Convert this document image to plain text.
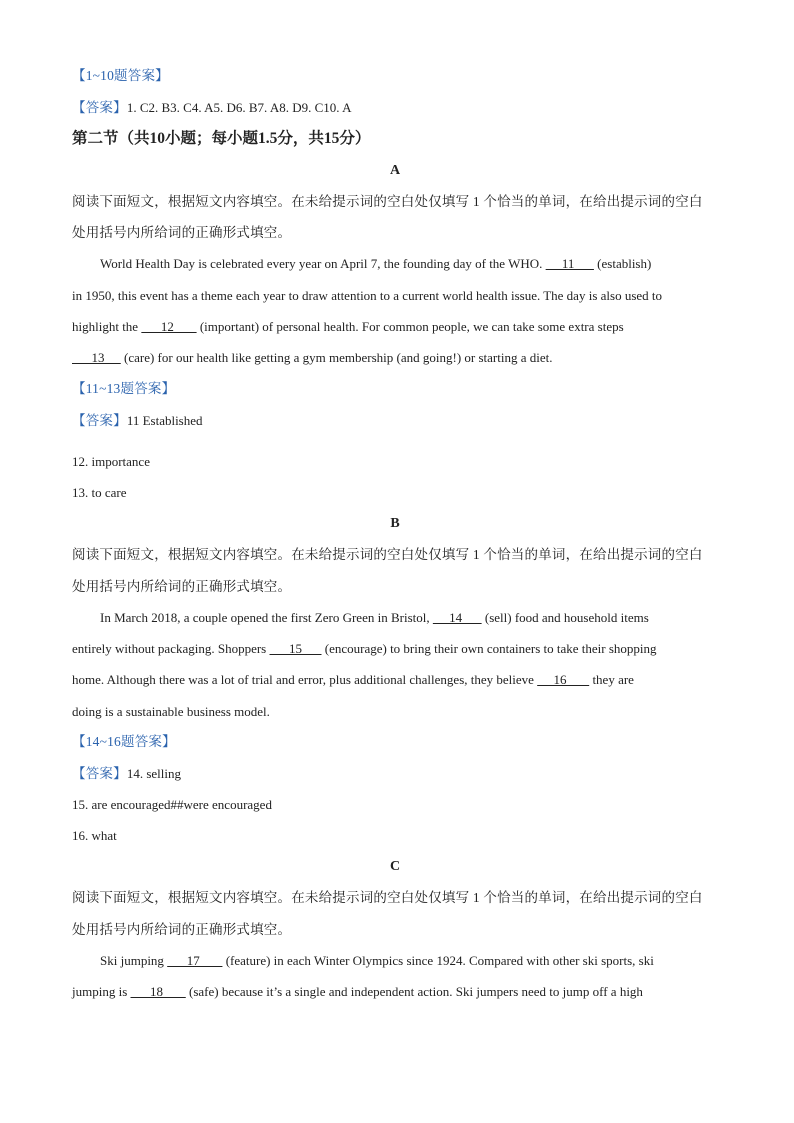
【1~10题答案】
【答案】1. C2. B3. C4. A5. D6. B7. A8. D9. C10. A
第二节（共10小题；每小题1.5分，共15分）
A
阅读下面短文，根据短文内容填空。在未给提示词的空白处仅填写 1 个恰当的单词，在给出提示词的空白
处用括号内所给词的正确形式填空。
World Health Day is celebrated every year on April 7, the founding day of the WHO.      11       (establish)
in 1950, this event has a theme each year to draw attention to a current world health issue. The day is also used to
highlight the       12        (important) of personal health. For common people, we can take some extra steps
13      (care) for our health like getting a gym membership (and going!) or starting a diet.
【11~13题答案】
【答案】11 Established
12. importance
13. to care
B
阅读下面短文，根据短文内容填空。在未给提示词的空白处仅填写 1 个恰当的单词，在给出提示词的空白
处用括号内所给词的正确形式填空。
In March 2018, a couple opened the first Zero Green in Bristol,      14       (sell) food and household items
entirely without packaging. Shoppers       15       (encourage) to bring their own containers to take their shopping
home. Although there was a lot of trial and error, plus additional challenges, they believe      16        they are
doing is a sustainable business model.
【14~16题答案】
【答案】14. selling
15. are encouraged##were encouraged
16. what
C
阅读下面短文，根据短文内容填空。在未给提示词的空白处仅填写 1 个恰当的单词，在给出提示词的空白
处用括号内所给词的正确形式填空。
Ski jumping       17        (feature) in each Winter Olympics since 1924. Compared with other ski sports, ski
jumping is       18        (safe) because it’s a single and independent action. Ski jumpers need to jump off a high
